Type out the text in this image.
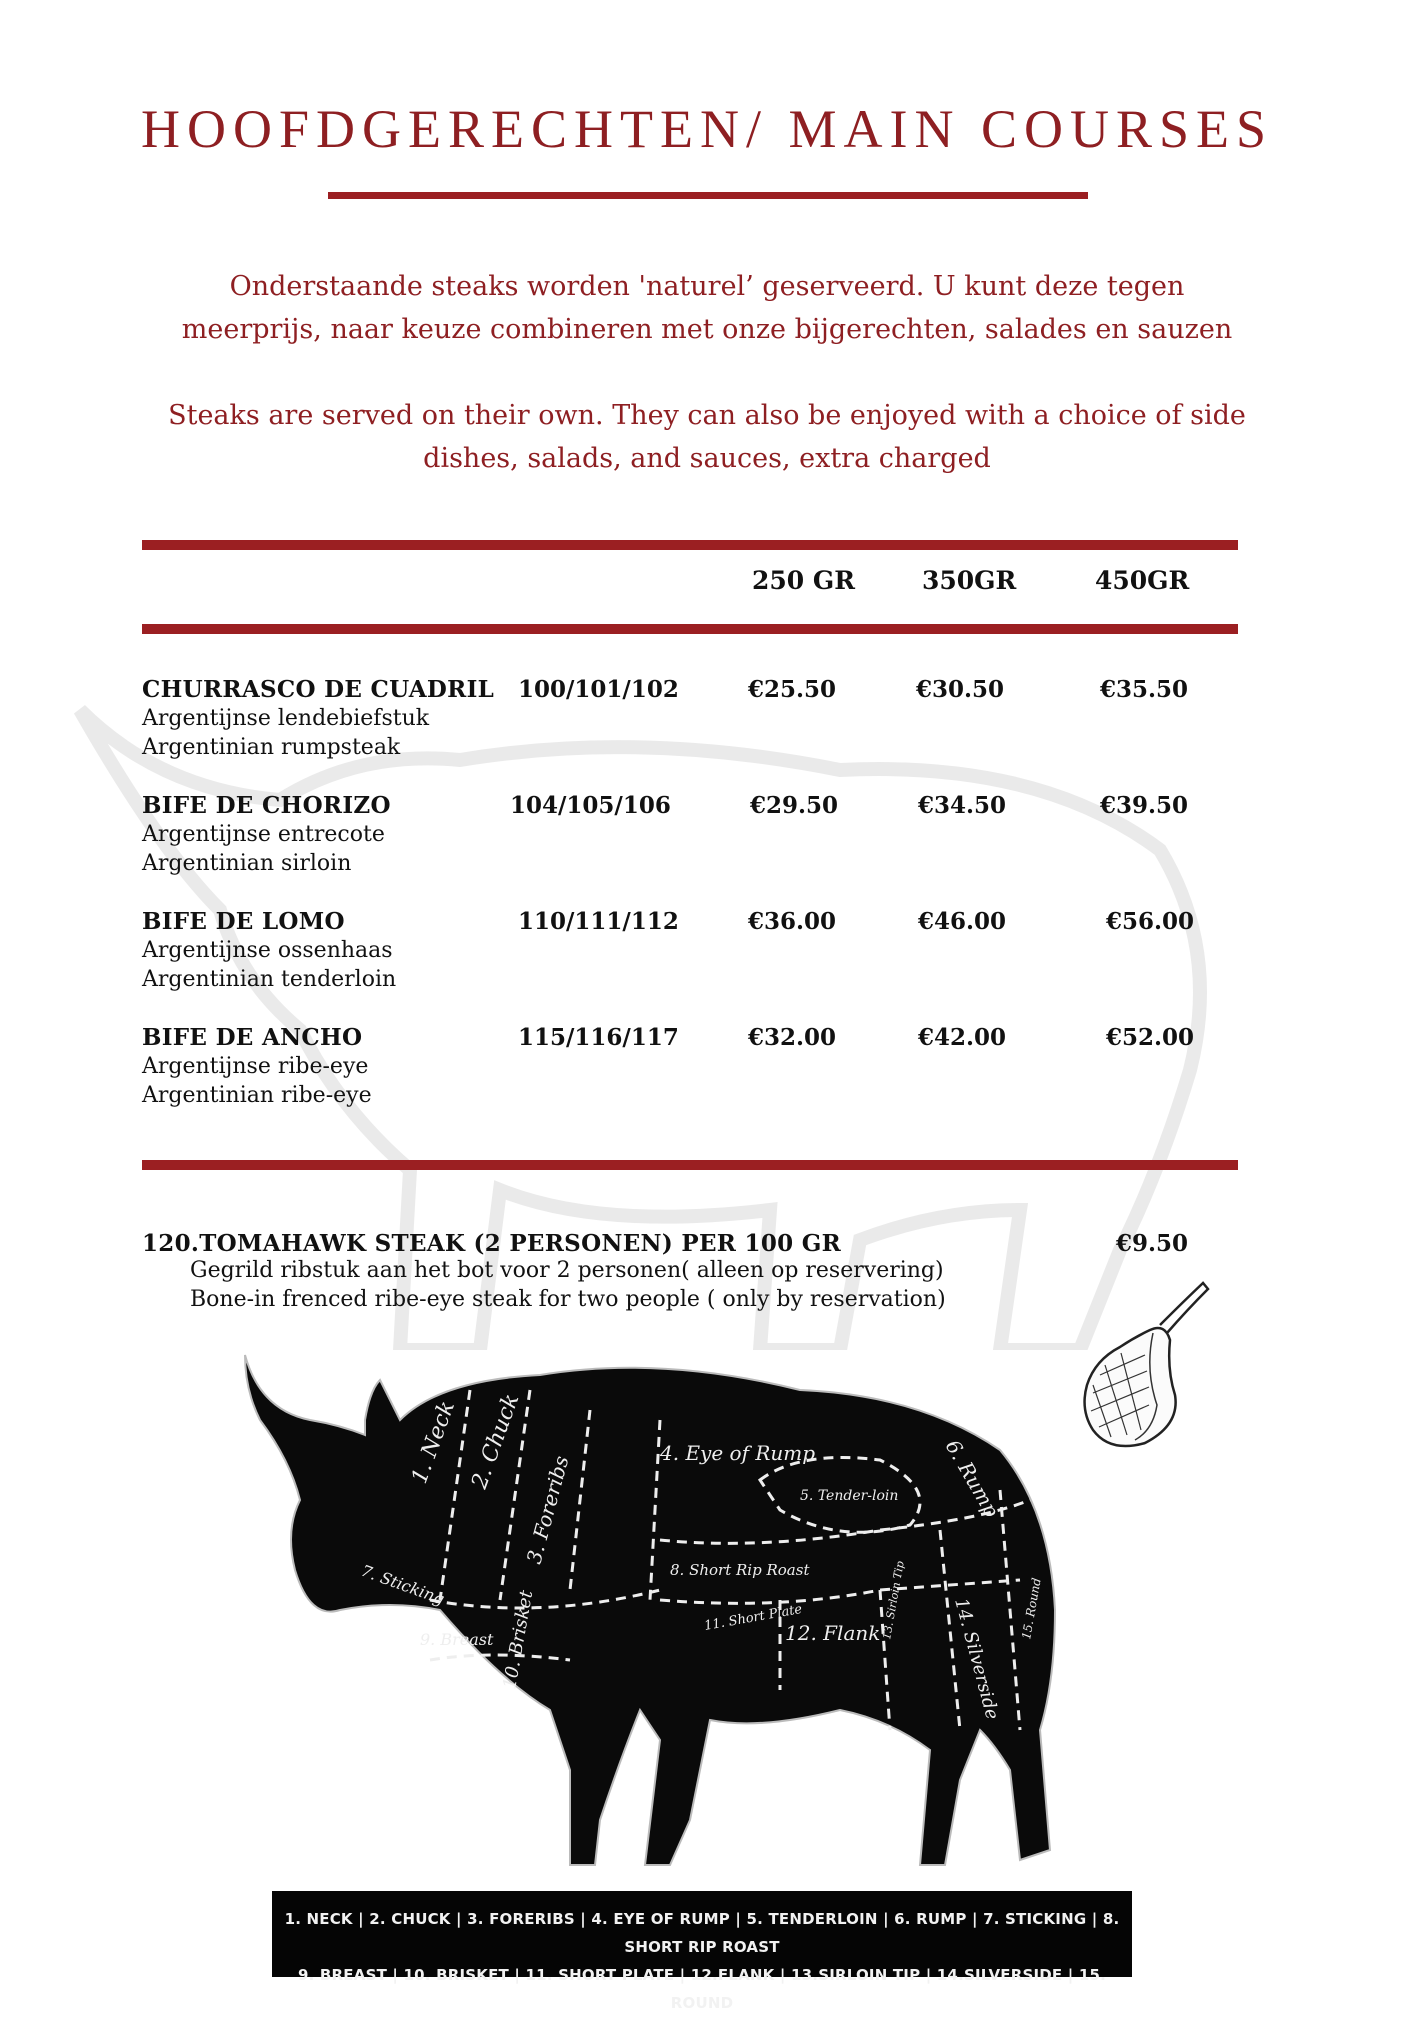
HOOFDGERECHTEN/ MAIN COURSES
Onderstaande steaks worden 'naturel’ geserveerd. U kunt deze tegen
meerprijs, naar keuze combineren met onze bijgerechten, salades en sauzen
Steaks are served on their own. They can also be enjoyed with a choice of side
dishes, salads, and sauces, extra charged
250 GR	350GR	450GR
CHURRASCO DE CUADRIL 100/101/102	€25.50	€30.50	€35.50
Argentijnse lendebiefstuk
Argentinian rumpsteak
BIFE DE CHORIZO	104/105/106	€29.50	€34.50	€39.50
Argentijnse entrecote
Argentinian sirloin
BIFE DE LOMO	110/111/112	€36.00	€46.00	€56.00
Argentijnse ossenhaas
Argentinian tenderloin
BIFE DE ANCHO	115/116/117	€32.00	€42.00	€52.00
Argentijnse ribe-eye
Argentinian ribe-eye
120.TOMAHAWK STEAK (2 PERSONEN) PER 100 GR	€9.50
Gegrild ribstuk aan het bot voor 2 personen( alleen op reservering)
Bone-in frenced ribe-eye steak for two people ( only by reservation)
1. Neck 2. Chuck
3. Foreribs
4. Eye of Rump
5. Tender-loin 6. Rump
7. Sticking	8. Short Rip Roast
9. Breast 10. Brisket	11. Short Plate
12. Flank 13. Sirloin Tip 14. Silverside 15. Round
1. NECK | 2. CHUCK | 3. FORERIBS | 4. EYE OF RUMP | 5. TENDERLOIN | 6. RUMP | 7. STICKING | 8. SHORT RIP ROAST
9. BREAST | 10. BRISKET | 11. SHORT PLATE | 12.FLANK | 13.SIRLOIN TIP | 14.SILVERSIDE | 15. ROUND
